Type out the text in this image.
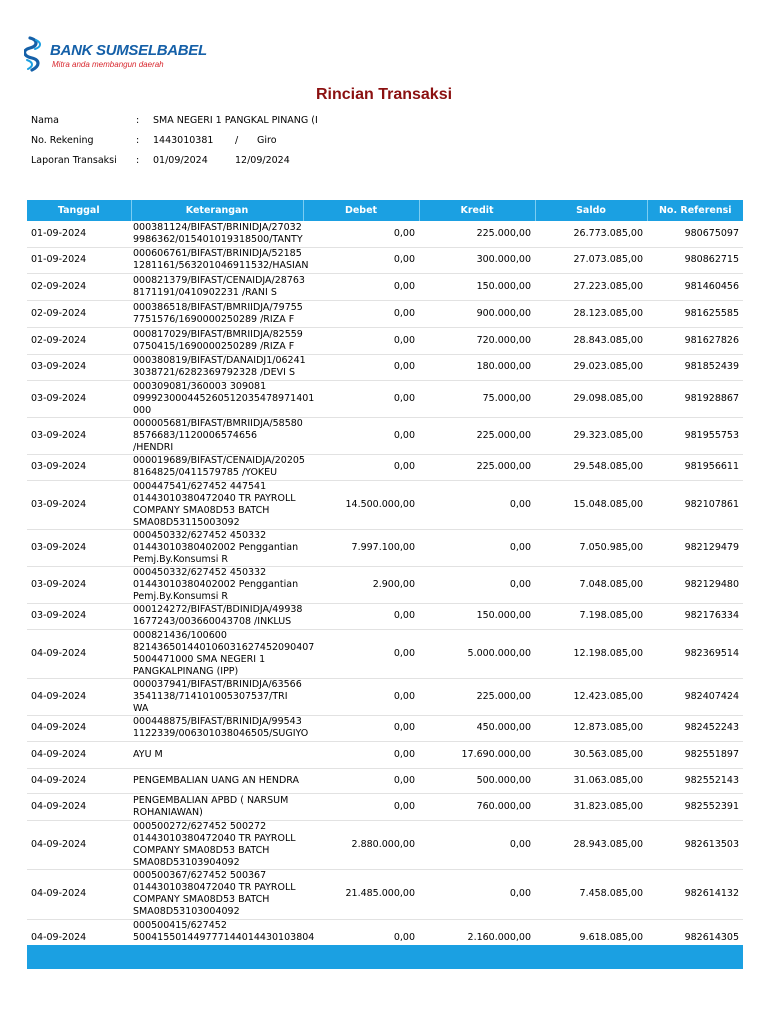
BANK SUMSELBABEL
Mitra anda membangun daerah
Rincian Transaksi
Nama	: SMA NEGERI 1 PANGKAL PINANG (I
No. Rekening	: 1443010381 / Giro
Laporan Transaksi : 01/09/2024	12/09/2024
Tanggal	Keterangan	Debet	Kredit	Saldo	No. Referensi
01-09-2024	000381124/BIFAST/BRINIDJA/27032
9986362/015401019318500/TANTY	0,00	225.000,00	26.773.085,00	980675097
01-09-2024	000606761/BIFAST/BRINIDJA/52185
1281161/563201046911532/HASIAN	0,00	300.000,00	27.073.085,00	980862715
02-09-2024	000821379/BIFAST/CENAIDJA/28763
8171191/0410902231 /RANI S	0,00	150.000,00	27.223.085,00	981460456
02-09-2024	000386518/BIFAST/BMRIIDJA/79755
7751576/1690000250289 /RIZA F	0,00	900.000,00	28.123.085,00	981625585
02-09-2024	000817029/BIFAST/BMRIIDJA/82559
0750415/1690000250289 /RIZA F	0,00	720.000,00	28.843.085,00	981627826
03-09-2024	000380819/BIFAST/DANAIDJ1/06241
3038721/6282369792328 /DEVI S	0,00	180.000,00	29.023.085,00	981852439
03-09-2024	000309081/360003 309081
099923000445260512035478971401
000	0,00	75.000,00	29.098.085,00	981928867
03-09-2024	000005681/BIFAST/BMRIIDJA/58580
8576683/1120006574656 /HENDRI	0,00	225.000,00	29.323.085,00	981955753
03-09-2024	000019689/BIFAST/CENAIDJA/20205
8164825/0411579785 /YOKEU	0,00	225.000,00	29.548.085,00	981956611
03-09-2024	000447541/627452 447541
01443010380472040 TR PAYROLL
COMPANY SMA08D53 BATCH
SMA08D53115003092	14.500.000,00	0,00	15.048.085,00	982107861
03-09-2024	000450332/627452 450332
01443010380402002 Penggantian
Pemj.By.Konsumsi R	7.997.100,00	0,00	7.050.985,00	982129479
03-09-2024	000450332/627452 450332
01443010380402002 Penggantian
Pemj.By.Konsumsi R	2.900,00	0,00	7.048.085,00	982129480
03-09-2024	000124272/BIFAST/BDINIDJA/49938
1677243/003660043708 /INKLUS	0,00	150.000,00	7.198.085,00	982176334
04-09-2024	000821436/100600
821436501440106031627452090407
5004471000 SMA NEGERI 1
PANGKALPINANG (IPP)	0,00	5.000.000,00	12.198.085,00	982369514
04-09-2024	000037941/BIFAST/BRINIDJA/63566
3541138/714101005307537/TRI WA	0,00	225.000,00	12.423.085,00	982407424
04-09-2024	000448875/BIFAST/BRINIDJA/99543
1122339/006301038046505/SUGIYO	0,00	450.000,00	12.873.085,00	982452243
04-09-2024	AYU M	0,00	17.690.000,00	30.563.085,00	982551897
04-09-2024	PENGEMBALIAN UANG AN HENDRA	0,00	500.000,00	31.063.085,00	982552143
04-09-2024	PENGEMBALIAN APBD ( NARSUM
ROHANIAWAN)	0,00	760.000,00	31.823.085,00	982552391
04-09-2024	000500272/627452 500272
01443010380472040 TR PAYROLL
COMPANY SMA08D53 BATCH
SMA08D53103904092	2.880.000,00	0,00	28.943.085,00	982613503
04-09-2024	000500367/627452 500367
01443010380472040 TR PAYROLL
COMPANY SMA08D53 BATCH
SMA08D53103004092	21.485.000,00	0,00	7.458.085,00	982614132
04-09-2024	000500415/627452
500415501449777144014430103804	0,00	2.160.000,00	9.618.085,00	982614305
